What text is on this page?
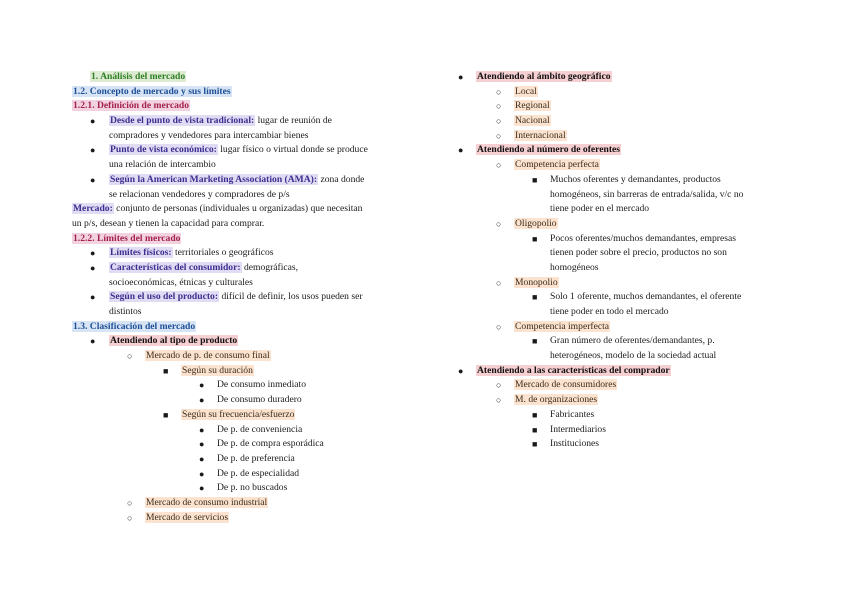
1. Análisis del mercado
1.2. Concepto de mercado y sus límites
1.2.1. Definición de mercado
● Desde el punto de vista tradicional: lugar de reunión de
compradores y vendedores para intercambiar bienes
● Punto de vista económico: lugar físico o virtual donde se produce
una relación de intercambio
● Según la American Marketing Association (AMA): zona donde
se relacionan vendedores y compradores de p/s
Mercado: conjunto de personas (individuales u organizadas) que necesitan
un p/s, desean y tienen la capacidad para comprar.
1.2.2. Límites del mercado
● Límites físicos: territoriales o geográficos
● Características del consumidor: demográficas,
socioeconómicas, étnicas y culturales
● Según el uso del producto: difícil de definir, los usos pueden ser
distintos
1.3. Clasificación del mercado
● Atendiendo al tipo de producto
○ Mercado de p. de consumo final
■ Según su duración
● De consumo inmediato
● De consumo duradero
■ Según su frecuencia/esfuerzo
● De p. de conveniencia
● De p. de compra esporádica
● De p. de preferencia
● De p. de especialidad
● De p. no buscados
○ Mercado de consumo industrial
○ Mercado de servicios
● Atendiendo al ámbito geográfico
○ Local
○ Regional
○ Nacional
○ Internacional
● Atendiendo al número de oferentes
○ Competencia perfecta
■ Muchos oferentes y demandantes, productos
homogéneos, sin barreras de entrada/salida, v/c no
tiene poder en el mercado
○ Oligopolio
■ Pocos oferentes/muchos demandantes, empresas
tienen poder sobre el precio, productos no son
homogéneos
○ Monopolio
■ Solo 1 oferente, muchos demandantes, el oferente
tiene poder en todo el mercado
○ Competencia imperfecta
■ Gran número de oferentes/demandantes, p.
heterogéneos, modelo de la sociedad actual
● Atendiendo a las características del comprador
○ Mercado de consumidores
○ M. de organizaciones
■ Fabricantes
■ Intermediarios
■ Instituciones
